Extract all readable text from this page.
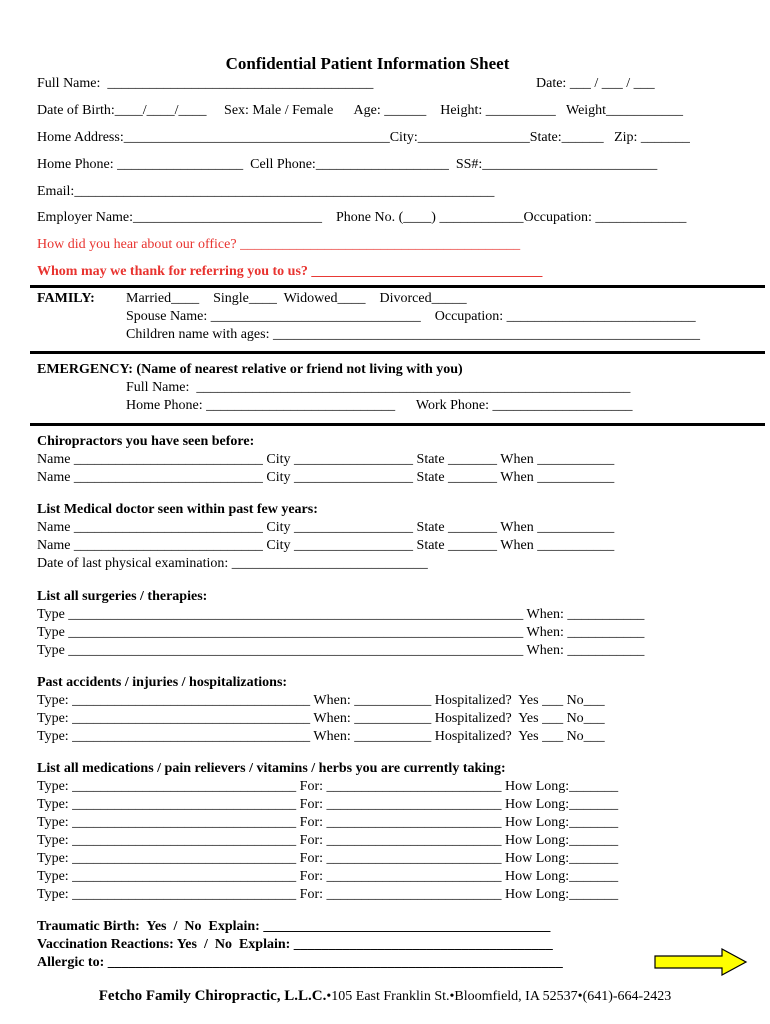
Confidential Patient Information Sheet
Full Name:  ______________________________________	Date: ___ / ___ / ___
Date of Birth:____/____/____     Sex: Male / Female      Age: ______    Height: __________   Weight___________
Home Address:______________________________________City:________________State:______   Zip: _______
Home Phone: __________________  Cell Phone:___________________  SS#:_________________________
Email:____________________________________________________________
Employer Name:___________________________    Phone No. (____) ____________Occupation: _____________
How did you hear about our office? ________________________________________
Whom may we thank for referring you to us? _________________________________
FAMILY: Married____    Single____  Widowed____    Divorced_____
Spouse Name: ______________________________    Occupation: ___________________________
Children name with ages: _____________________________________________________________
EMERGENCY: (Name of nearest relative or friend not living with you)
Full Name:  ______________________________________________________________
Home Phone: ___________________________      Work Phone: ____________________
Chiropractors you have seen before:
Name ___________________________ City _________________ State _______ When ___________
Name ___________________________ City _________________ State _______ When ___________
List Medical doctor seen within past few years:
Name ___________________________ City _________________ State _______ When ___________
Name ___________________________ City _________________ State _______ When ___________
Date of last physical examination: ____________________________
List all surgeries / therapies:
Type _________________________________________________________________ When: ___________
Type _________________________________________________________________ When: ___________
Type _________________________________________________________________ When: ___________
Past accidents / injuries / hospitalizations:
Type: __________________________________ When: ___________ Hospitalized?  Yes ___ No___
Type: __________________________________ When: ___________ Hospitalized?  Yes ___ No___
Type: __________________________________ When: ___________ Hospitalized?  Yes ___ No___
List all medications / pain relievers / vitamins / herbs you are currently taking:
Type: ________________________________ For: _________________________ How Long:_______
Type: ________________________________ For: _________________________ How Long:_______
Type: ________________________________ For: _________________________ How Long:_______
Type: ________________________________ For: _________________________ How Long:_______
Type: ________________________________ For: _________________________ How Long:_______
Type: ________________________________ For: _________________________ How Long:_______
Type: ________________________________ For: _________________________ How Long:_______
Traumatic Birth:  Yes  /  No  Explain: _________________________________________
Vaccination Reactions: Yes  /  No  Explain: _____________________________________
Allergic to: _________________________________________________________________
Fetcho Family Chiropractic, L.L.C.•105 East Franklin St.•Bloomfield, IA 52537•(641)-664-2423
